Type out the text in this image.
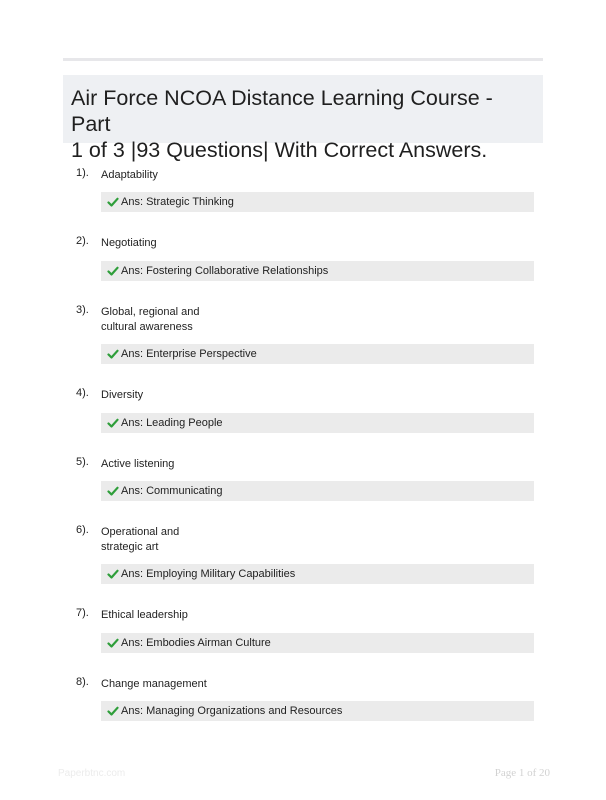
Air Force NCOA Distance Learning Course - Part
1 of 3 |93 Questions| With Correct Answers.
1). Adaptability
Ans: Strategic Thinking
2). Negotiating
Ans: Fostering Collaborative Relationships
3). Global, regional and
cultural awareness
Ans: Enterprise Perspective
4). Diversity
Ans: Leading People
5). Active listening
Ans: Communicating
6). Operational and
strategic art
Ans: Employing Military Capabilities
7). Ethical leadership
Ans: Embodies Airman Culture
8). Change management
Ans: Managing Organizations and Resources
Paperbtnc.com	Page 1 of 20
